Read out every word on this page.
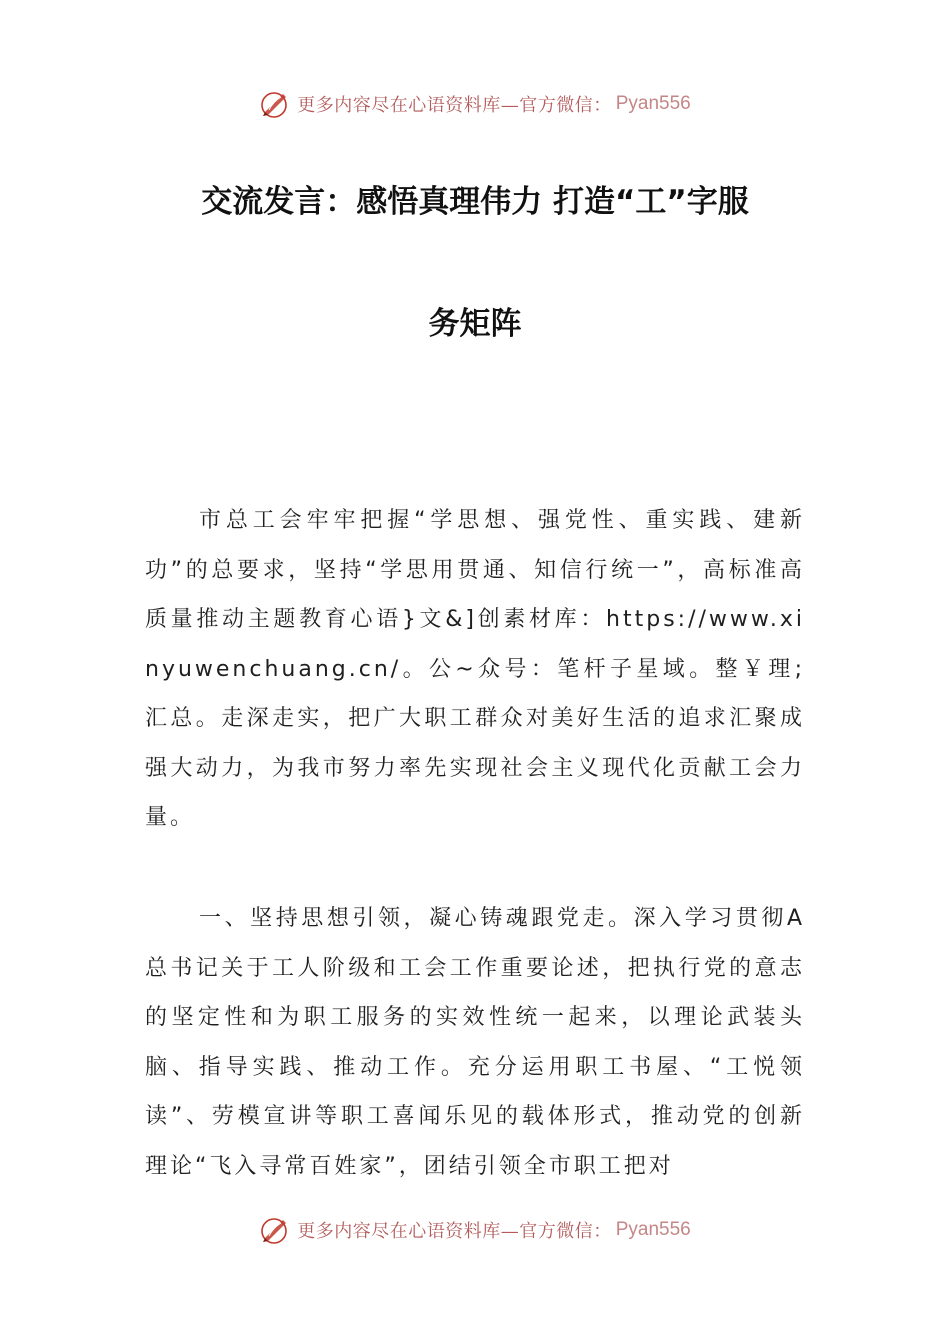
更多内容尽在心语资料库—官方微信： Pyan556
交流发言：感悟真理伟力 打造“工”字服
务矩阵

市总工会牢牢把握“学思想、强党性、重实践、建新功”的总要求，坚持“学思用贯通、知信行统一”，高标准高质量推动主题教育心语}文&]创素材库：https://www.xinyuwenchuang.cn/。公~众号：笔杆子星域。整￥理;汇总。走深走实，把广大职工群众对美好生活的追求汇聚成强大动力，为我市努力率先实现社会主义现代化贡献工会力量。

一、坚持思想引领，凝心铸魂跟党走。深入学习贯彻A总书记关于工人阶级和工会工作重要论述，把执行党的意志的坚定性和为职工服务的实效性统一起来，以理论武装头脑、指导实践、推动工作。充分运用职工书屋、“工悦领读”、劳模宣讲等职工喜闻乐见的载体形式，推动党的创新理论“飞入寻常百姓家”，团结引领全市职工把对

更多内容尽在心语资料库—官方微信： Pyan556
